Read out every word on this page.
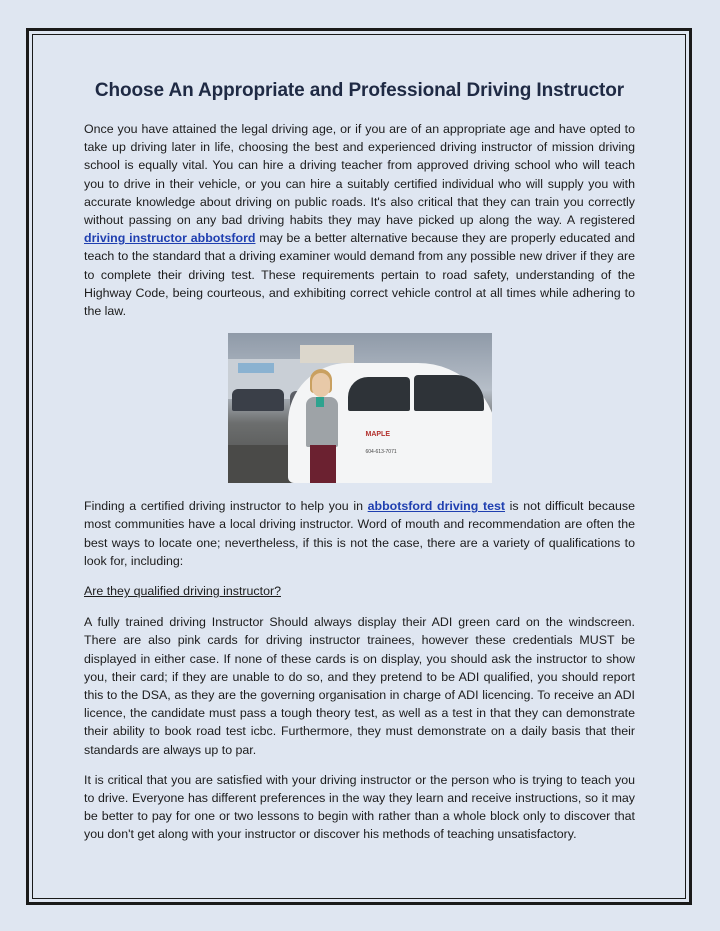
Choose An Appropriate and Professional Driving Instructor

Once you have attained the legal driving age, or if you are of an appropriate age and have opted to take up driving later in life, choosing the best and experienced driving instructor of mission driving school is equally vital. You can hire a driving teacher from approved driving school who will teach you to drive in their vehicle, or you can hire a suitably certified individual who will supply you with accurate knowledge about driving on public roads. It's also critical that they can train you correctly without passing on any bad driving habits they may have picked up along the way. A registered driving instructor abbotsford may be a better alternative because they are properly educated and teach to the standard that a driving examiner would demand from any possible new driver if they are to complete their driving test. These requirements pertain to road safety, understanding of the Highway Code, being courteous, and exhibiting correct vehicle control at all times while adhering to the law.

MAPLE
604-613-7071

Finding a certified driving instructor to help you in abbotsford driving test is not difficult because most communities have a local driving instructor. Word of mouth and recommendation are often the best ways to locate one; nevertheless, if this is not the case, there are a variety of qualifications to look for, including:

Are they qualified driving instructor?

A fully trained driving Instructor Should always display their ADI green card on the windscreen. There are also pink cards for driving instructor trainees, however these credentials MUST be displayed in either case. If none of these cards is on display, you should ask the instructor to show you, their card; if they are unable to do so, and they pretend to be ADI qualified, you should report this to the DSA, as they are the governing organisation in charge of ADI licencing. To receive an ADI licence, the candidate must pass a tough theory test, as well as a test in that they can demonstrate their ability to book road test icbc. Furthermore, they must demonstrate on a daily basis that their standards are always up to par.

It is critical that you are satisfied with your driving instructor or the person who is trying to teach you to drive. Everyone has different preferences in the way they learn and receive instructions, so it may be better to pay for one or two lessons to begin with rather than a whole block only to discover that you don't get along with your instructor or discover his methods of teaching unsatisfactory.
